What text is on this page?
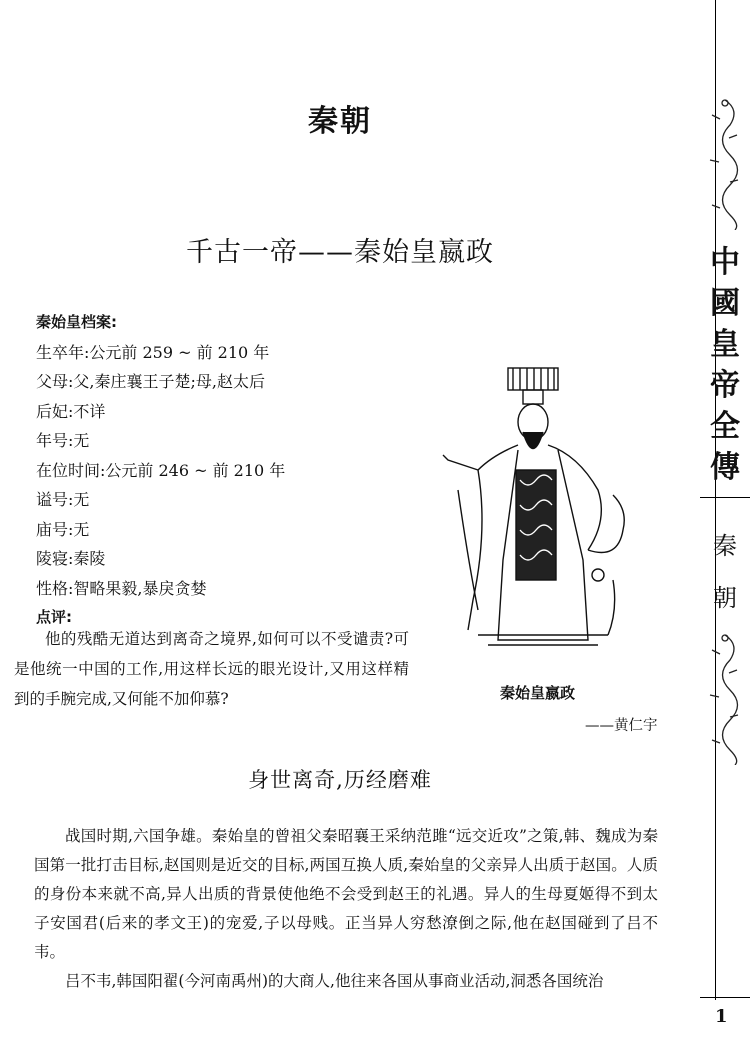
秦朝
千古一帝——秦始皇嬴政
秦始皇档案:
生卒年:公元前 259 ~ 前 210 年
父母:父,秦庄襄王子楚;母,赵太后
后妃:不详
年号:无
在位时间:公元前 246 ~ 前 210 年
谥号:无
庙号:无
陵寝:秦陵
性格:智略果毅,暴戾贪婪
点评:
他的残酷无道达到离奇之境界,如何可以不受谴责?可是他统一中国的工作,用这样长远的眼光设计,又用这样精到的手腕完成,又何能不加仰慕?	秦始皇嬴政
——黄仁宇
身世离奇,历经磨难

战国时期,六国争雄。秦始皇的曾祖父秦昭襄王采纳范雎“远交近攻”之策,韩、魏成为秦国第一批打击目标,赵国则是近交的目标,两国互换人质,秦始皇的父亲异人出质于赵国。人质的身份本来就不高,异人出质的背景使他绝不会受到赵王的礼遇。异人的生母夏姬得不到太子安国君(后来的孝文王)的宠爱,子以母贱。正当异人穷愁潦倒之际,他在赵国碰到了吕不韦。

吕不韦,韩国阳翟(今河南禹州)的大商人,他往来各国从事商业活动,洞悉各国统治

中
國
皇
帝
全
傳
秦
朝
1
